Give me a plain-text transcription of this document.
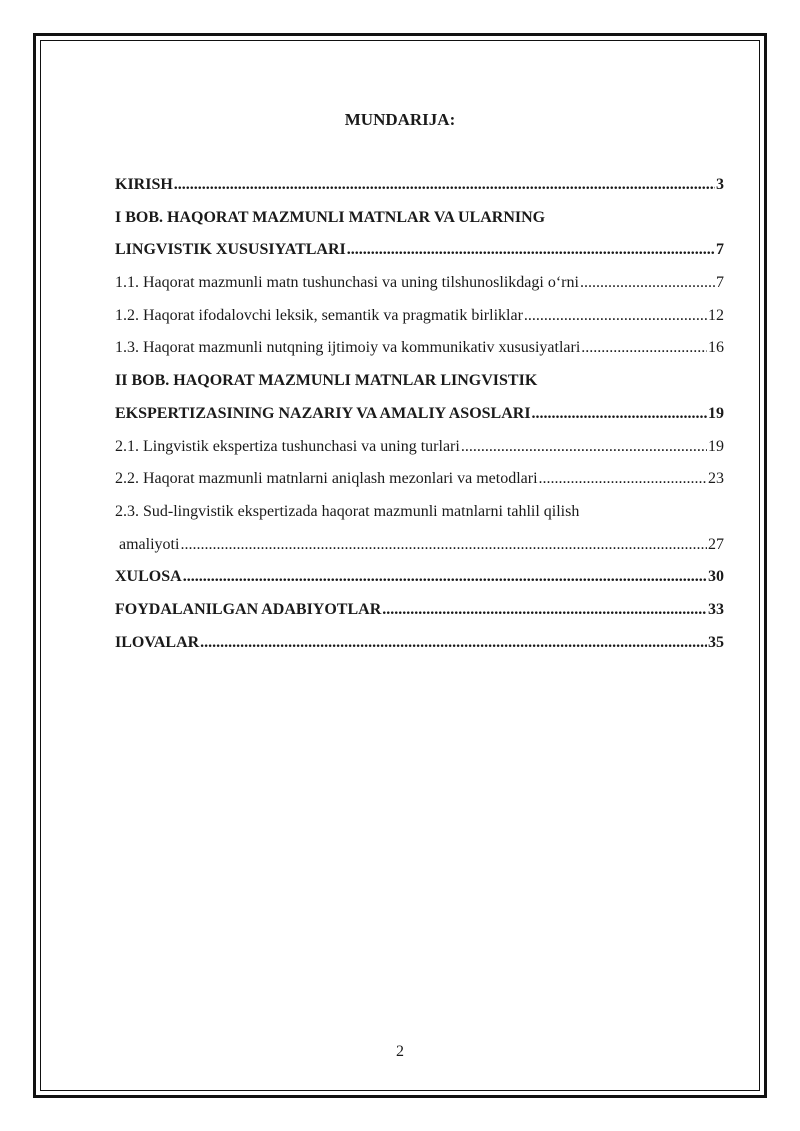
MUNDARIJA:
KIRISH .....	3
I BOB. HAQORAT MAZMUNLI MATNLAR VA ULARNING
LINGVISTIK XUSUSIYATLARI .....	7
1.1. Haqorat mazmunli matn tushunchasi va uning tilshunoslikdagi o‘rni .....	7
1.2. Haqorat ifodalovchi leksik, semantik va pragmatik birliklar .....	12
1.3. Haqorat mazmunli nutqning ijtimoiy va kommunikativ xususiyatlari .....	16
II BOB. HAQORAT MAZMUNLI MATNLAR LINGVISTIK
EKSPERTIZASINING NAZARIY VA AMALIY ASOSLARI .....	19
2.1. Lingvistik ekspertiza tushunchasi va uning turlari .....	19
2.2. Haqorat mazmunli matnlarni aniqlash mezonlari va metodlari .....	23
2.3. Sud-lingvistik ekspertizada haqorat mazmunli matnlarni tahlil qilish
amaliyoti .....	27
XULOSA .....	30
FOYDALANILGAN ADABIYOTLAR .....	33
ILOVALAR .....	35
2
